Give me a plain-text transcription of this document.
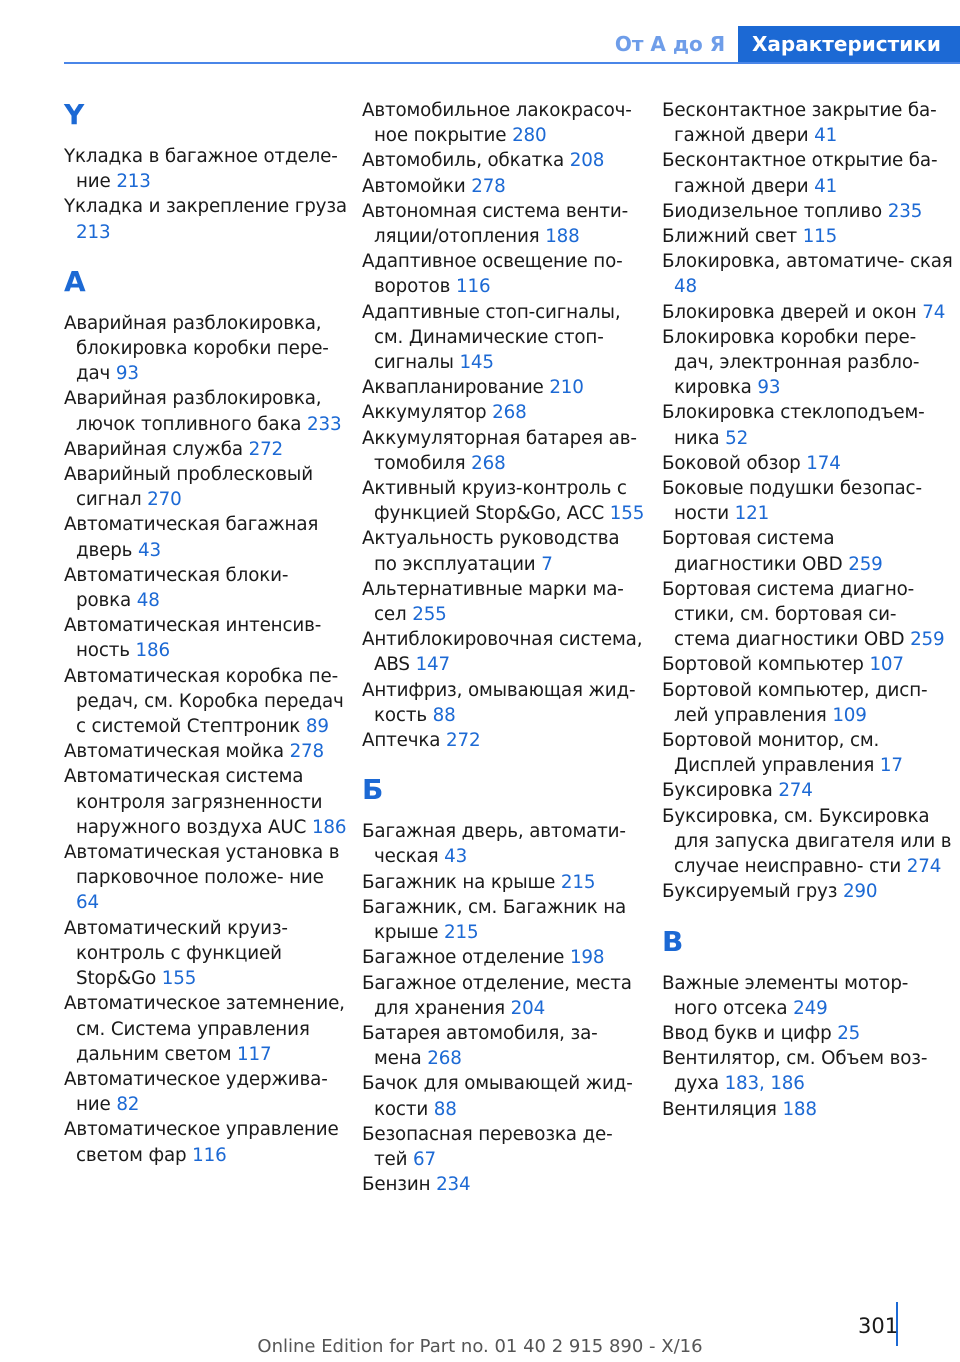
От А до Я	Характеристики
Y
Yкладка в багажное отделе‐ ние 213
Yкладка и закрепление груза 213
А
Аварийная разблокировка, блокировка коробки пере‐ дач 93
Аварийная разблокировка, лючок топливного бака 233
Аварийная служба 272
Аварийный проблесковый сигнал 270
Автоматическая багажная дверь 43
Автоматическая блоки‐ ровка 48
Автоматическая интенсив‐ ность 186
Автоматическая коробка пе‐ редач, см. Коробка передач с системой Стептроник 89
Автоматическая мойка 278
Автоматическая система контроля загрязненности наружного воздуха AUC 186
Автоматическая установка в парковочное положе‐ ние 64
Автоматический круиз- контроль с функцией Stop&Go 155
Автоматическое затемнение, см. Система управления дальним светом 117
Автоматическое удержива‐ ние 82
Автоматическое управление светом фар 116
Автомобильное лакокрасоч‐ ное покрытие 280
Автомобиль, обкатка 208
Автомойки 278
Автономная система венти‐ ляции/отопления 188
Адаптивное освещение по‐ воротов 116
Адаптивные стоп-сигналы, см. Динамические стоп- сигналы 145
Аквапланирование 210
Аккумулятор 268
Аккумуляторная батарея ав‐ томобиля 268
Активный круиз-контроль с функцией Stop&Go, ACC 155
Актуальность руководства по эксплуатации 7
Альтернативные марки ма‐ сел 255
Антиблокировочная система, ABS 147
Антифриз, омывающая жид‐ кость 88
Аптечка 272
Б
Багажная дверь, автомати‐ ческая 43
Багажник на крыше 215
Багажник, см. Багажник на крыше 215
Багажное отделение 198
Багажное отделение, места для хранения 204
Батарея автомобиля, за‐ мена 268
Бачок для омывающей жид‐ кости 88
Безопасная перевозка де‐ тей 67
Бензин 234
Бесконтактное закрытие ба‐ гажной двери 41
Бесконтактное открытие ба‐ гажной двери 41
Биодизельное топливо 235
Ближний свет 115
Блокировка, автоматиче‐ ская 48
Блокировка дверей и окон 74
Блокировка коробки пере‐ дач, электронная разбло‐ кировка 93
Блокировка стеклоподъем‐ ника 52
Боковой обзор 174
Боковые подушки безопас‐ ности 121
Бортовая система диагностики OBD 259
Бортовая система диагно‐ стики, см. бортовая си‐ стема диагностики OBD 259
Бортовой компьютер 107
Бортовой компьютер, дисп‐ лей управления 109
Бортовой монитор, см. Дисплей управления 17
Буксировка 274
Буксировка, см. Буксировка для запуска двигателя или в случае неисправно‐ сти 274
Буксируемый груз 290
В
Важные элементы мотор‐ ного отсека 249
Ввод букв и цифр 25
Вентилятор, см. Объем воз‐ духа 183, 186
Вентиляция 188
301
Online Edition for Part no. 01 40 2 915 890 - X/16
